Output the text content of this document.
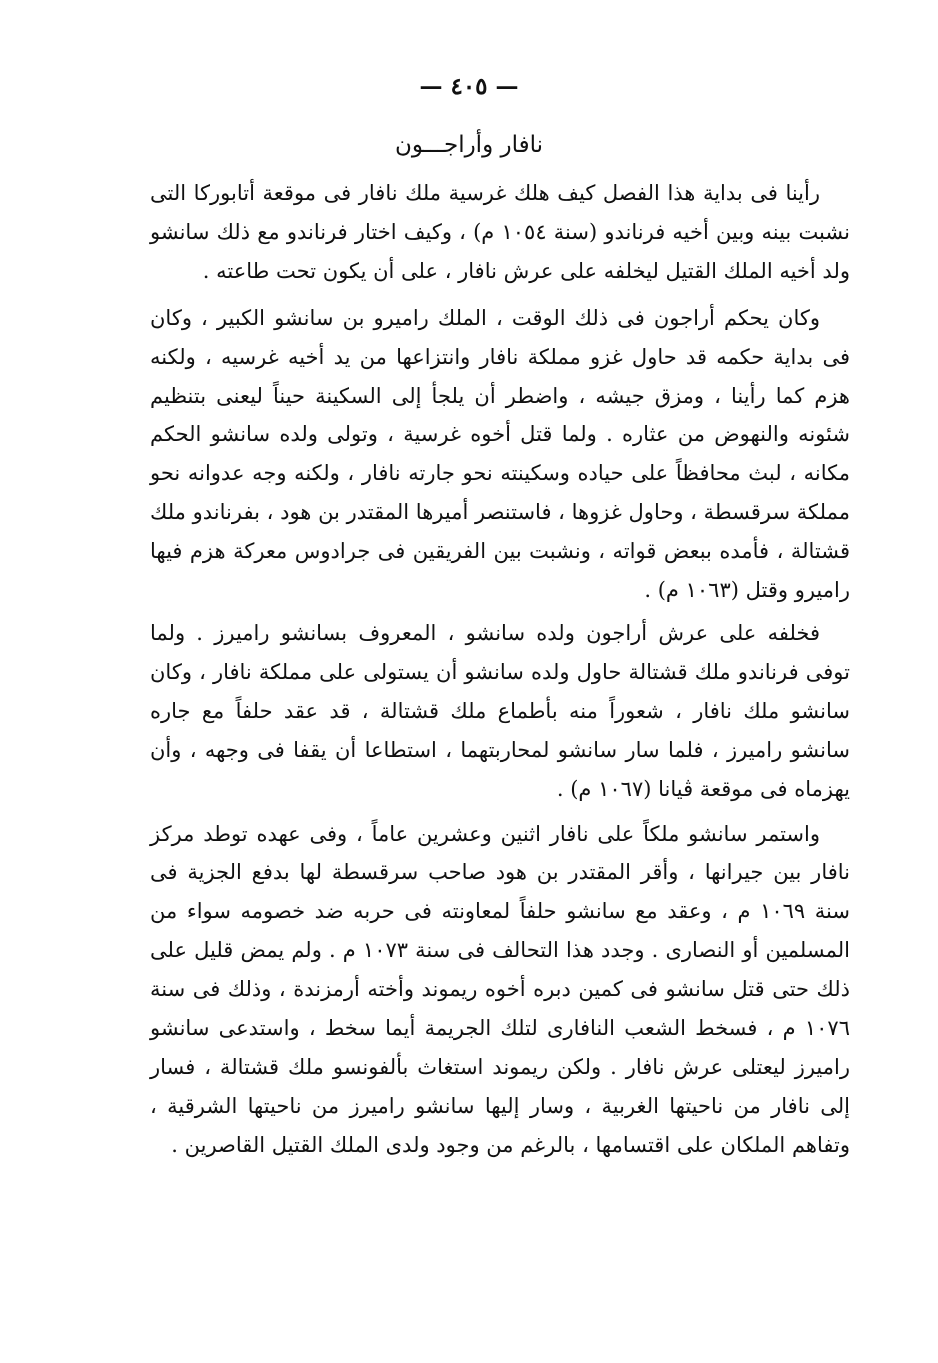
— ٤٠٥ —
نافار وأراجـــون

رأينا فى بداية هذا الفصل كيف هلك غرسية ملك نافار فى موقعة أتابوركا التى نشبت بينه وبين أخيه فرناندو (سنة ١٠٥٤ م) ، وكيف اختار فرناندو مع ذلك سانشو ولد أخيه الملك القتيل ليخلفه على عرش نافار ، على أن يكون تحت طاعته .

وكان يحكم أراجون فى ذلك الوقت ، الملك راميرو بن سانشو الكبير ، وكان فى بداية حكمه قد حاول غزو مملكة نافار وانتزاعها من يد أخيه غرسيه ، ولكنه هزم كما رأينا ، ومزق جيشه ، واضطر أن يلجأ إلى السكينة حيناً ليعنى بتنظيم شئونه والنهوض من عثاره . ولما قتل أخوه غرسية ، وتولى ولده سانشو الحكم مكانه ، لبث محافظاً على حياده وسكينته نحو جارته نافار ، ولكنه وجه عدوانه نحو مملكة سرقسطة ، وحاول غزوها ، فاستنصر أميرها المقتدر بن هود ، بفرناندو ملك قشتالة ، فأمده ببعض قواته ، ونشبت بين الفريقين فى جرادوس معركة هزم فيها راميرو وقتل (١٠٦٣ م) .

فخلفه على عرش أراجون ولده سانشو ، المعروف بسانشو راميرز . ولما توفى فرناندو ملك قشتالة حاول ولده سانشو أن يستولى على مملكة نافار ، وكان سانشو ملك نافار ، شعوراً منه بأطماع ملك قشتالة ، قد عقد حلفاً مع جاره سانشو راميرز ، فلما سار سانشو لمحاربتهما ، استطاعا أن يقفا فى وجهه ، وأن يهزماه فى موقعة ڤيانا (١٠٦٧ م) .

واستمر سانشو ملكاً على نافار اثنين وعشرين عاماً ، وفى عهده توطد مركز نافار بين جيرانها ، وأقر المقتدر بن هود صاحب سرقسطة لها بدفع الجزية فى سنة ١٠٦٩ م ، وعقد مع سانشو حلفاً لمعاونته فى حربه ضد خصومه سواء من المسلمين أو النصارى . وجدد هذا التحالف فى سنة ١٠٧٣ م . ولم يمض قليل على ذلك حتى قتل سانشو فى كمين دبره أخوه ريموند وأخته أرمزندة ، وذلك فى سنة ١٠٧٦ م ، فسخط الشعب النافارى لتلك الجريمة أيما سخط ، واستدعى سانشو راميرز ليعتلى عرش نافار . ولكن ريموند استغاث بألفونسو ملك قشتالة ، فسار إلى نافار من ناحيتها الغربية ، وسار إليها سانشو راميرز من ناحيتها الشرقية ، وتفاهم الملكان على اقتسامها ، بالرغم من وجود ولدى الملك القتيل القاصرين .
